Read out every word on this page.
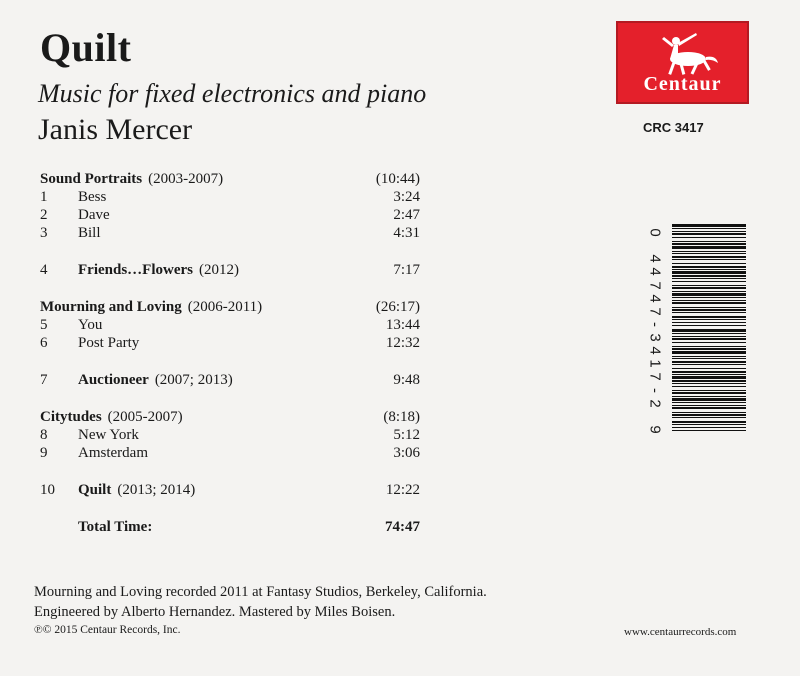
Quilt
Music for fixed electronics and piano
Janis Mercer
Centaur
CRC 3417
Sound Portraits (2003-2007)	(10:44)
1 Bess	3:24
2 Dave	2:47
3 Bill	4:31
4 Friends…Flowers (2012)	7:17
Mourning and Loving (2006-2011)	(26:17)
5 You	13:44
6 Post Party	12:32
7 Auctioneer (2007; 2013)	9:48
Citytudes (2005-2007)	(8:18)
8 New York	5:12
9 Amsterdam	3:06
10 Quilt (2013; 2014)	12:22
Total Time:	74:47
0
4
4
7
4
7
-
3
4
1
7
-
2
9
Mourning and Loving recorded 2011 at Fantasy Studios, Berkeley, California.
Engineered by Alberto Hernandez. Mastered by Miles Boisen.
℗© 2015 Centaur Records, Inc.	www.centaurrecords.com
